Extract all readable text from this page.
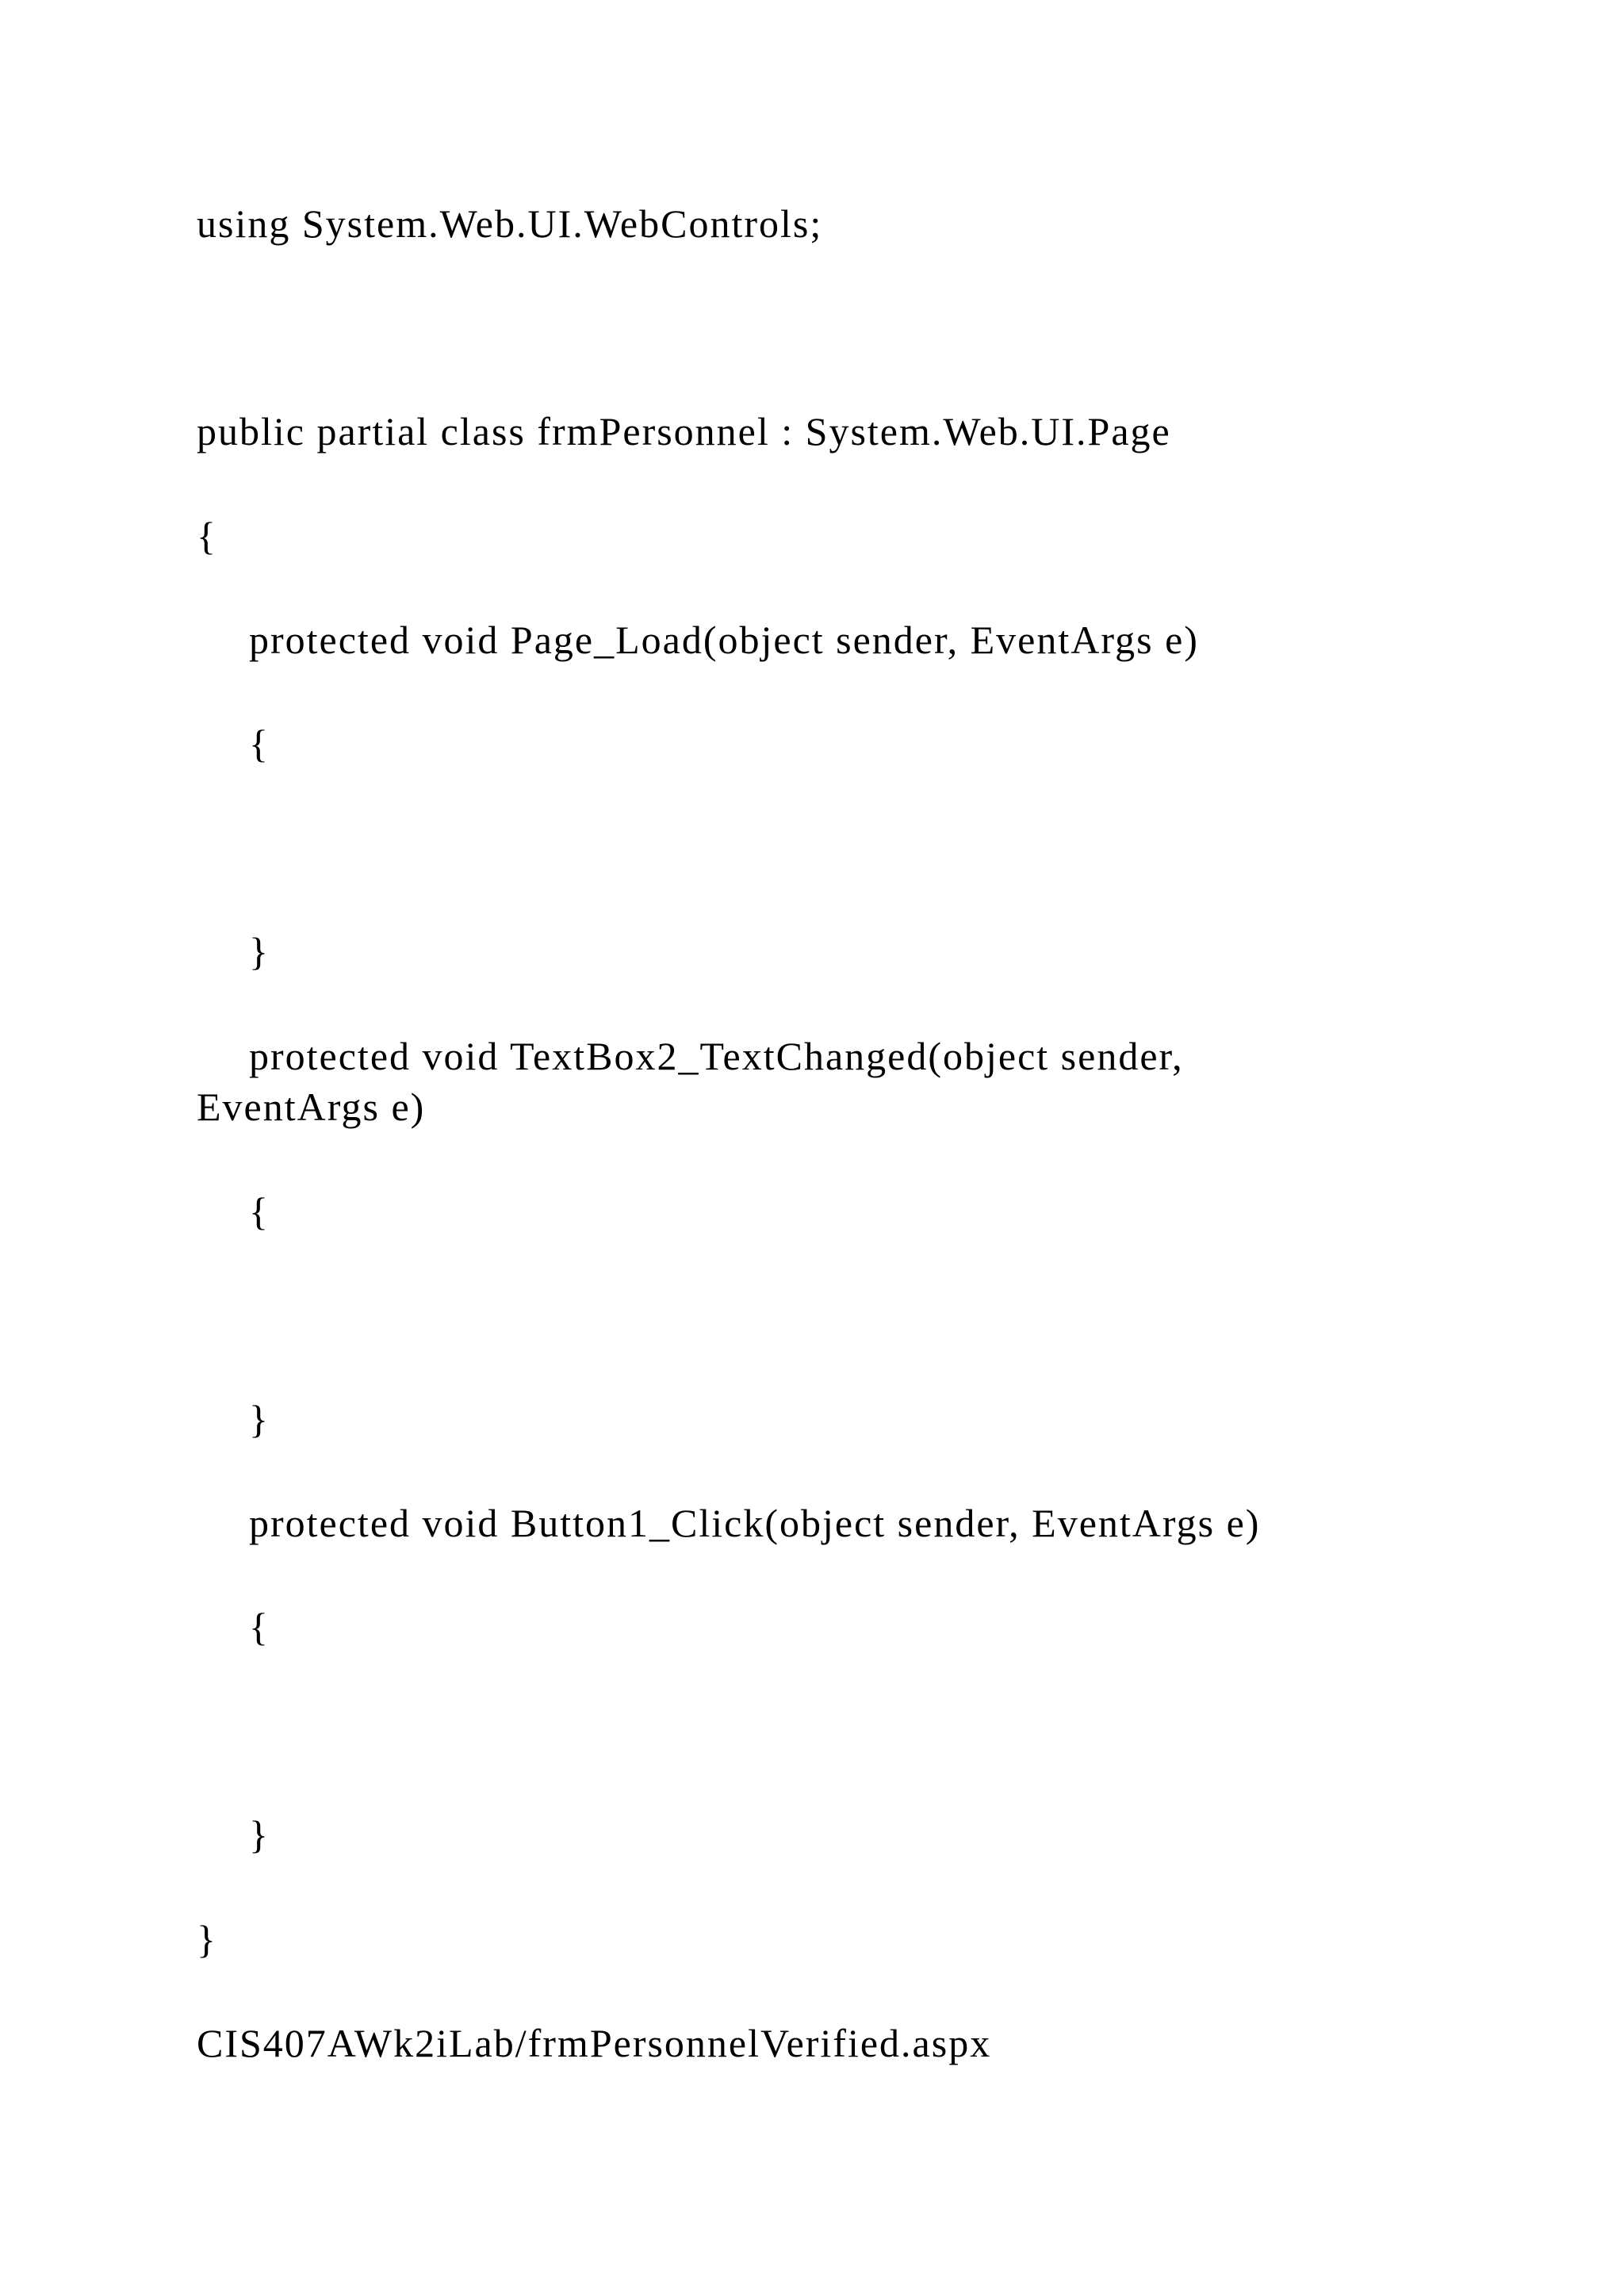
using System.Web.UI.WebControls;
public partial class frmPersonnel : System.Web.UI.Page
{
protected void Page_Load(object sender, EventArgs e)
{
}
protected void TextBox2_TextChanged(object sender,
EventArgs e)
{
}
protected void Button1_Click(object sender, EventArgs e)
{
}
}
CIS407AWk2iLab/frmPersonnelVerified.aspx
